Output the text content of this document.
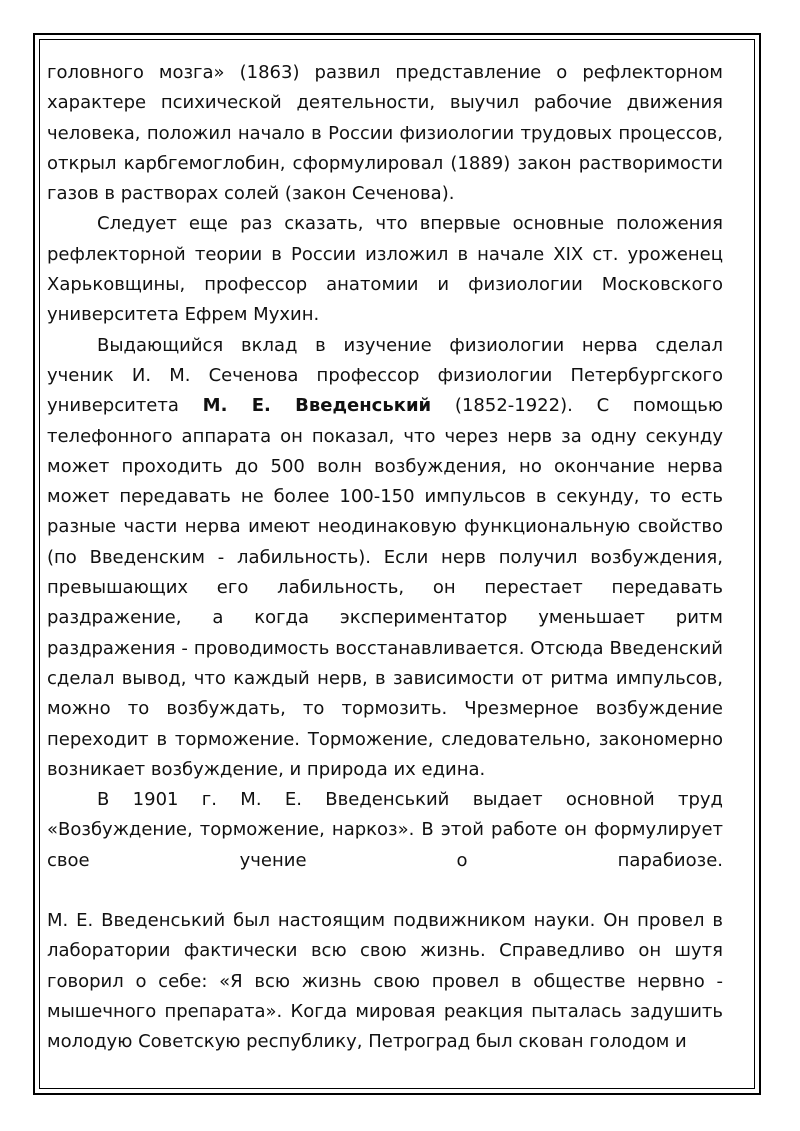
головного мозга» (1863) развил представление о рефлекторном характере психической деятельности, выучил рабочие движения человека, положил начало в России физиологии трудовых процессов, открыл карбгемоглобин, сформулировал (1889) закон растворимости газов в растворах солей (закон Сеченова).

Следует еще раз сказать, что впервые основные положения рефлекторной теории в России изложил в начале XIX ст. уроженец Харьковщины, профессор анатомии и физиологии Московского университета Ефрем Мухин.

Выдающийся вклад в изучение физиологии нерва сделал ученик И. М. Сеченова профессор физиологии Петербургского университета М. Е. Введенський (1852-1922). С помощью телефонного аппарата он показал, что через нерв за одну секунду может проходить до 500 волн возбуждения, но окончание нерва может передавать не более 100-150 импульсов в секунду, то есть разные части нерва имеют неодинаковую функциональную свойство (по Введенским - лабильность). Если нерв получил возбуждения, превышающих его лабильность, он перестает передавать раздражение, а когда экспериментатор уменьшает ритм раздражения - проводимость восстанавливается. Отсюда Введенский сделал вывод, что каждый нерв, в зависимости от ритма импульсов, можно то возбуждать, то тормозить. Чрезмерное возбуждение переходит в торможение. Торможение, следовательно, закономерно возникает возбуждение, и природа их едина.

В 1901 г. М. Е. Введенський выдает основной труд «Возбуждение, торможение, наркоз». В этой работе он формулирует свое учение о парабиозе.

М. Е. Введенський был настоящим подвижником науки. Он провел в лаборатории фактически всю свою жизнь. Справедливо он шутя говорил о себе: «Я всю жизнь свою провел в обществе нервно - мышечного препарата». Когда мировая реакция пыталась задушить молодую Советскую республику, Петроград был скован голодом и
